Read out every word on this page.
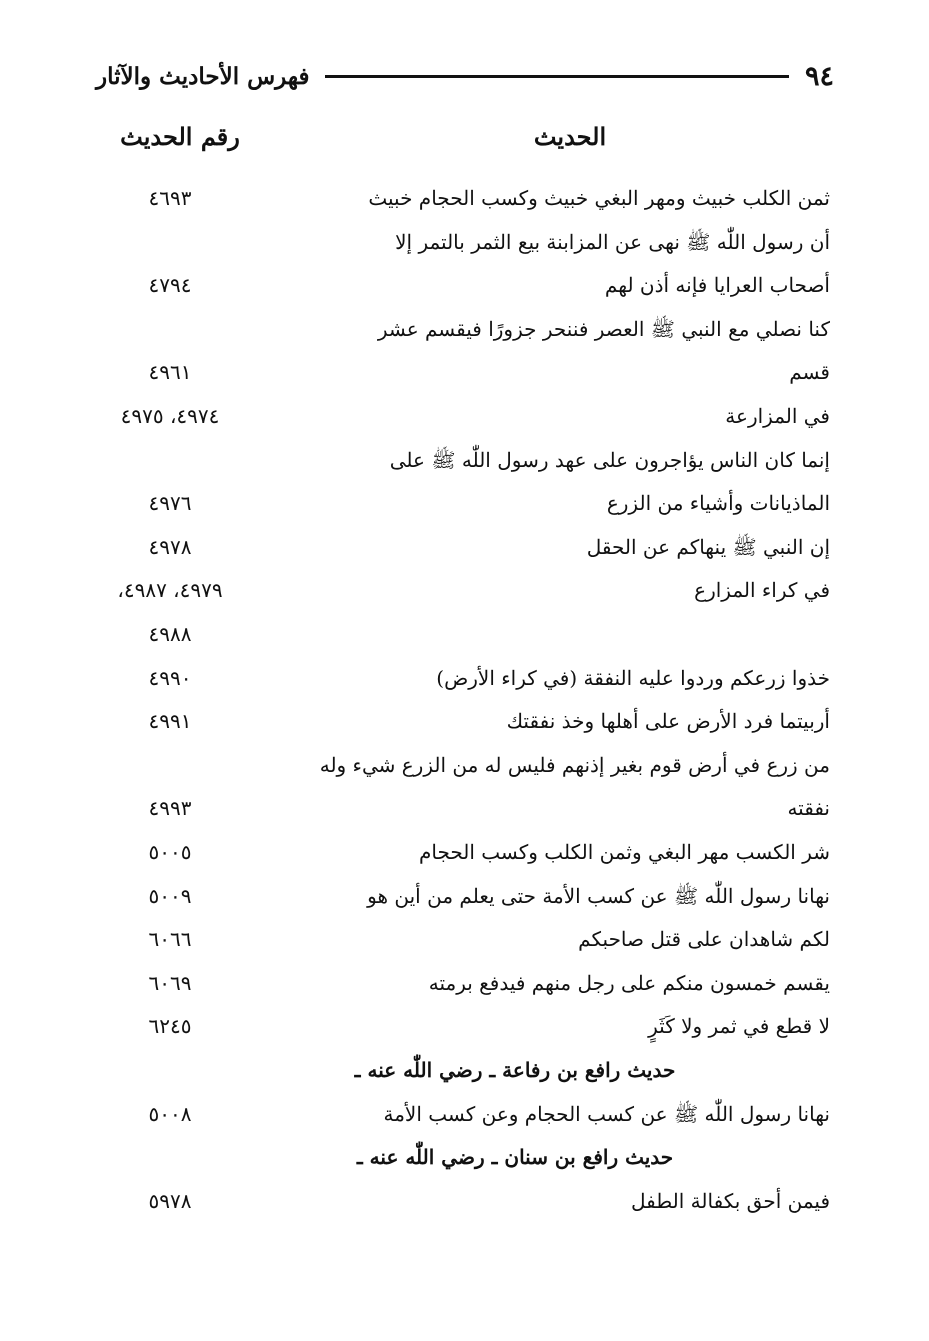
٩٤
فهرس الأحاديث والآثار
الحديث
رقم الحديث
ثمن الكلب خبيث ومهر البغي خبيث وكسب الحجام خبيث
٤٦٩٣
أن رسول اللّٰه ﷺ نهى عن المزابنة بيع الثمر بالتمر إلا
أصحاب العرايا فإنه أذن لهم
٤٧٩٤
كنا نصلي مع النبي ﷺ العصر فننحر جزورًا فيقسم عشر
قسم
٤٩٦١
في المزارعة
٤٩٧٤، ٤٩٧٥
إنما كان الناس يؤاجرون على عهد رسول اللّٰه ﷺ على
الماذيانات وأشياء من الزرع
٤٩٧٦
إن النبي ﷺ ينهاكم عن الحقل
٤٩٧٨
في كراء المزارع
٤٩٧٩، ٤٩٨٧،
٤٩٨٨
خذوا زرعكم وردوا عليه النفقة (في كراء الأرض)
٤٩٩٠
أربيتما فرد الأرض على أهلها وخذ نفقتك
٤٩٩١
من زرع في أرض قوم بغير إذنهم فليس له من الزرع شيء وله
نفقته
٤٩٩٣
شر الكسب مهر البغي وثمن الكلب وكسب الحجام
٥٠٠٥
نهانا رسول اللّٰه ﷺ عن كسب الأمة حتى يعلم من أين هو
٥٠٠٩
لكم شاهدان على قتل صاحبكم
٦٠٦٦
يقسم خمسون منكم على رجل منهم فيدفع برمته
٦٠٦٩
لا قطع في ثمر ولا كَثَرٍ
٦٢٤٥
حديث رافع بن رفاعة ـ رضي اللّٰه عنه ـ
نهانا رسول اللّٰه ﷺ عن كسب الحجام وعن كسب الأمة
٥٠٠٨
حديث رافع بن سنان ـ رضي اللّٰه عنه ـ
فيمن أحق بكفالة الطفل
٥٩٧٨
